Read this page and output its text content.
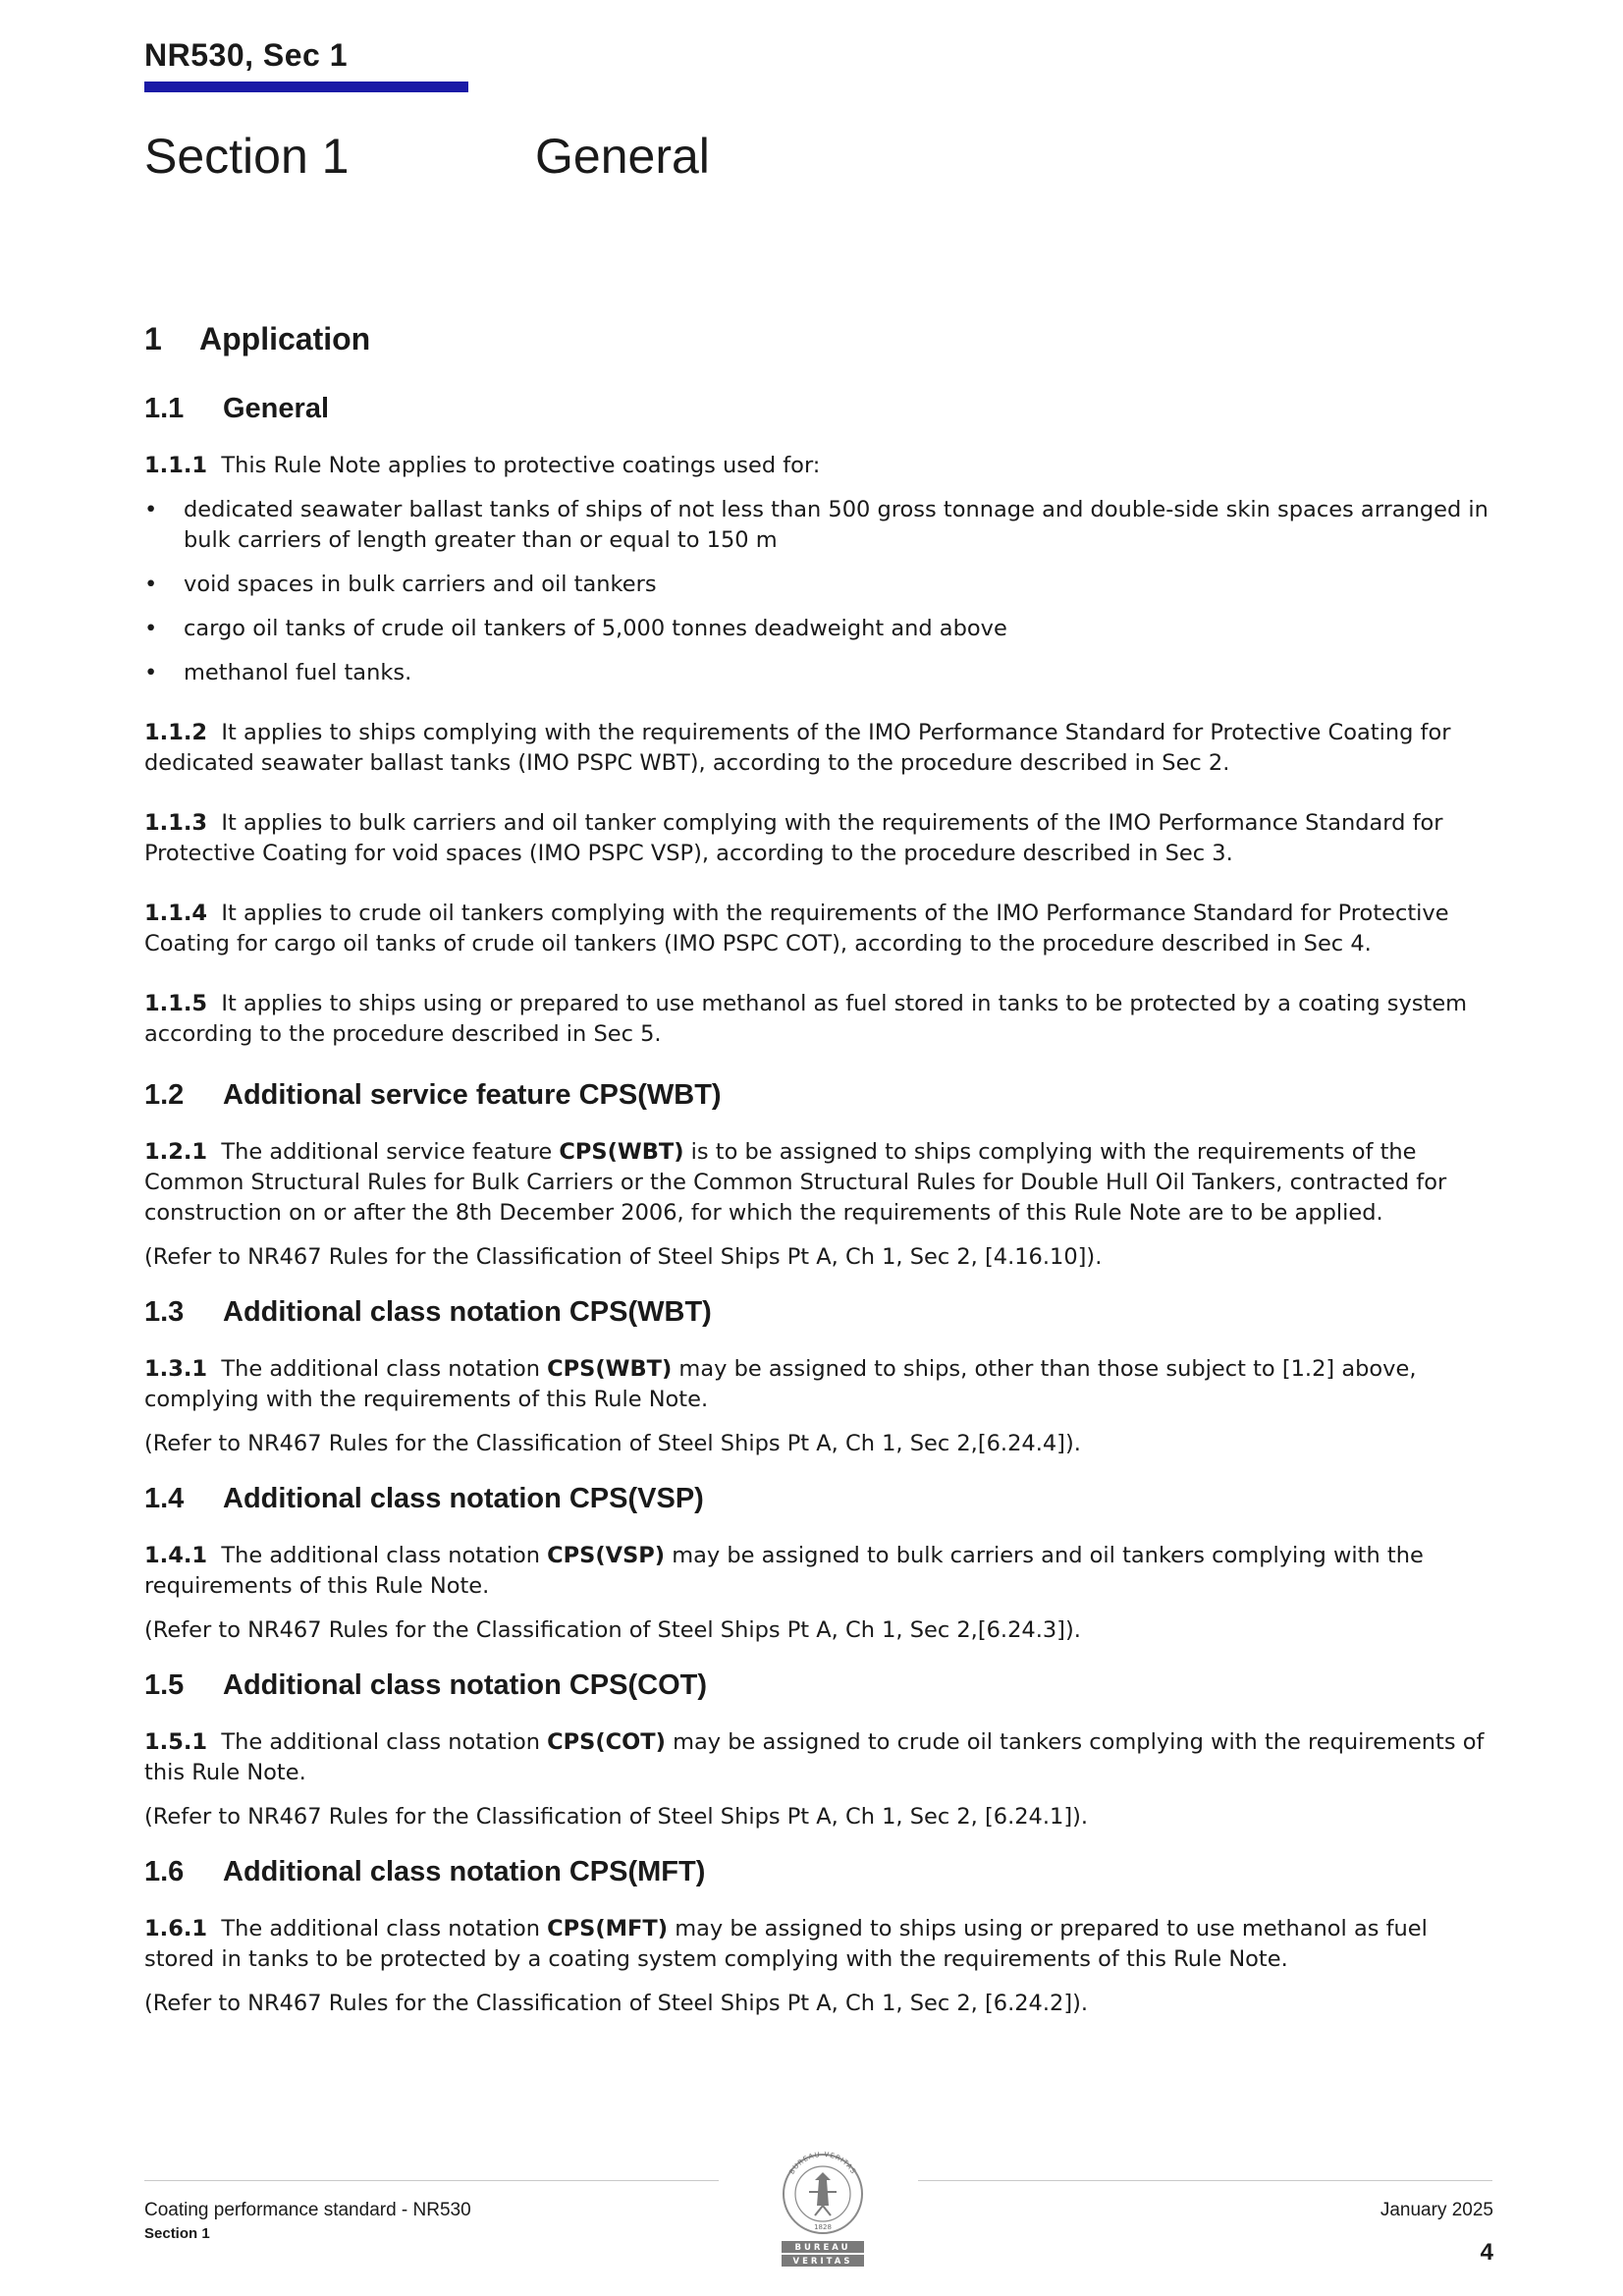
NR530, Sec 1
Section 1	General
1 Application
1.1 General

1.1.1 This Rule Note applies to protective coatings used for:

• dedicated seawater ballast tanks of ships of not less than 500 gross tonnage and double-side skin spaces arranged in bulk carriers of length greater than or equal to 150 m
• void spaces in bulk carriers and oil tankers
• cargo oil tanks of crude oil tankers of 5,000 tonnes deadweight and above
• methanol fuel tanks.

1.1.2 It applies to ships complying with the requirements of the IMO Performance Standard for Protective Coating for dedicated seawater ballast tanks (IMO PSPC WBT), according to the procedure described in Sec 2.

1.1.3 It applies to bulk carriers and oil tanker complying with the requirements of the IMO Performance Standard for Protective Coating for void spaces (IMO PSPC VSP), according to the procedure described in Sec 3.

1.1.4 It applies to crude oil tankers complying with the requirements of the IMO Performance Standard for Protective Coating for cargo oil tanks of crude oil tankers (IMO PSPC COT), according to the procedure described in Sec 4.

1.1.5 It applies to ships using or prepared to use methanol as fuel stored in tanks to be protected by a coating system according to the procedure described in Sec 5.

1.2 Additional service feature CPS(WBT)

1.2.1 The additional service feature CPS(WBT) is to be assigned to ships complying with the requirements of the Common Structural Rules for Bulk Carriers or the Common Structural Rules for Double Hull Oil Tankers, contracted for construction on or after the 8th December 2006, for which the requirements of this Rule Note are to be applied.

(Refer to NR467 Rules for the Classification of Steel Ships Pt A, Ch 1, Sec 2, [4.16.10]).

1.3 Additional class notation CPS(WBT)

1.3.1 The additional class notation CPS(WBT) may be assigned to ships, other than those subject to [1.2] above, complying with the requirements of this Rule Note.

(Refer to NR467 Rules for the Classification of Steel Ships Pt A, Ch 1, Sec 2,[6.24.4]).

1.4 Additional class notation CPS(VSP)

1.4.1 The additional class notation CPS(VSP) may be assigned to bulk carriers and oil tankers complying with the requirements of this Rule Note.

(Refer to NR467 Rules for the Classification of Steel Ships Pt A, Ch 1, Sec 2,[6.24.3]).

1.5 Additional class notation CPS(COT)

1.5.1 The additional class notation CPS(COT) may be assigned to crude oil tankers complying with the requirements of this Rule Note.

(Refer to NR467 Rules for the Classification of Steel Ships Pt A, Ch 1, Sec 2, [6.24.1]).

1.6 Additional class notation CPS(MFT)

1.6.1 The additional class notation CPS(MFT) may be assigned to ships using or prepared to use methanol as fuel stored in tanks to be protected by a coating system complying with the requirements of this Rule Note.

(Refer to NR467 Rules for the Classification of Steel Ships Pt A, Ch 1, Sec 2, [6.24.2]).

Coating performance standard - NR530
Section 1
January 2025
4
BUREAU VERITAS
1828
BUREAU
VERITAS
